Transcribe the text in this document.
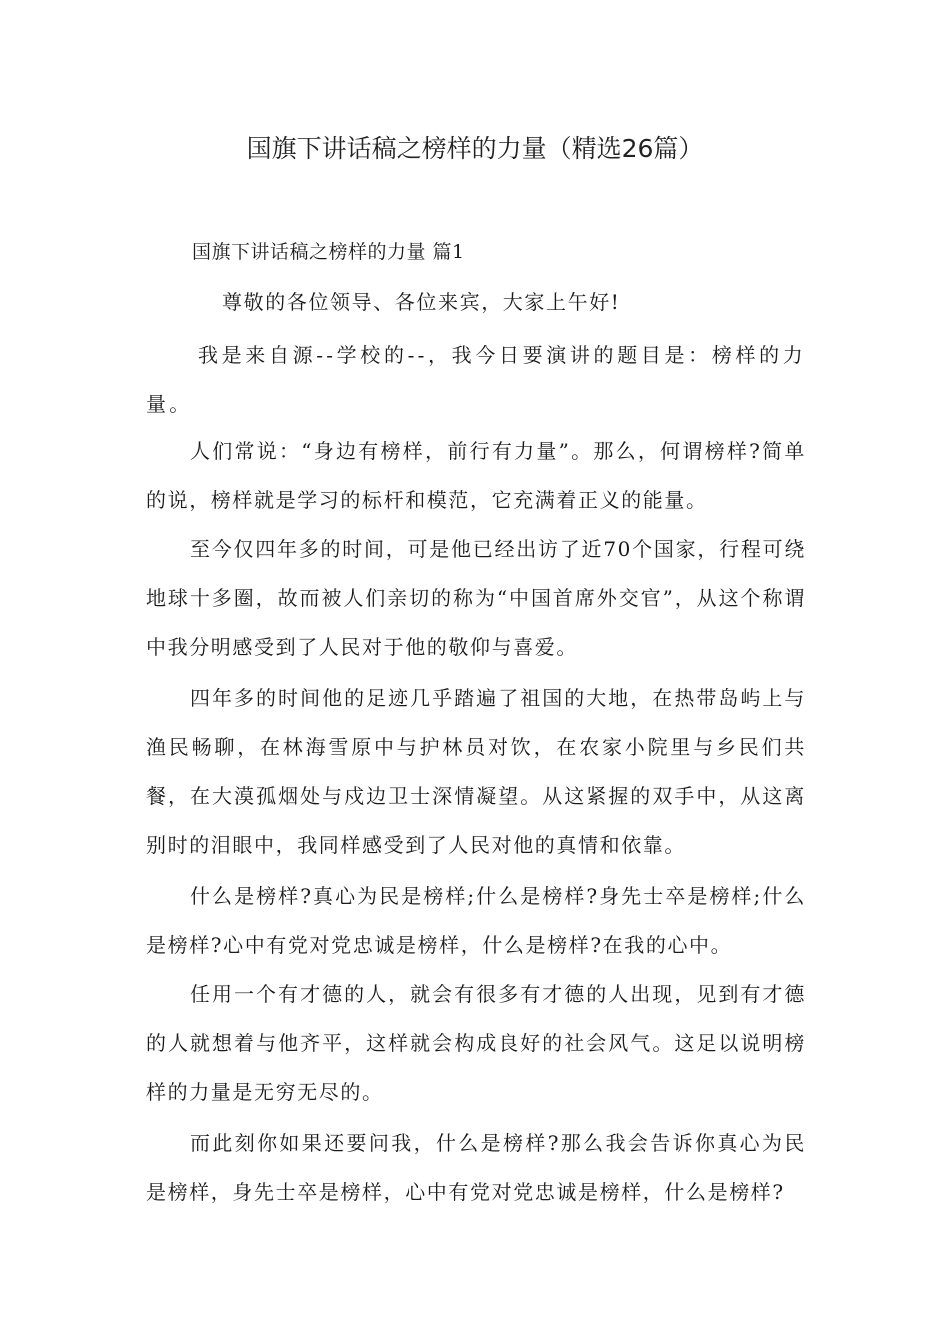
国旗下讲话稿之榜样的力量（精选26篇）
国旗下讲话稿之榜样的力量 篇1

尊敬的各位领导、各位来宾，大家上午好!

我是来自源--学校的--，我今日要演讲的题目是：榜样的力量。

人们常说：“身边有榜样，前行有力量”。那么，何谓榜样?简单的说，榜样就是学习的标杆和模范，它充满着正义的能量。

至今仅四年多的时间，可是他已经出访了近70个国家，行程可绕地球十多圈，故而被人们亲切的称为“中国首席外交官”，从这个称谓中我分明感受到了人民对于他的敬仰与喜爱。

四年多的时间他的足迹几乎踏遍了祖国的大地，在热带岛屿上与渔民畅聊，在林海雪原中与护林员对饮，在农家小院里与乡民们共餐，在大漠孤烟处与戍边卫士深情凝望。从这紧握的双手中，从这离别时的泪眼中，我同样感受到了人民对他的真情和依靠。

什么是榜样?真心为民是榜样;什么是榜样?身先士卒是榜样;什么是榜样?心中有党对党忠诚是榜样，什么是榜样?在我的心中。

任用一个有才德的人，就会有很多有才德的人出现，见到有才德的人就想着与他齐平，这样就会构成良好的社会风气。这足以说明榜样的力量是无穷无尽的。

而此刻你如果还要问我，什么是榜样?那么我会告诉你真心为民是榜样，身先士卒是榜样，心中有党对党忠诚是榜样，什么是榜样?
